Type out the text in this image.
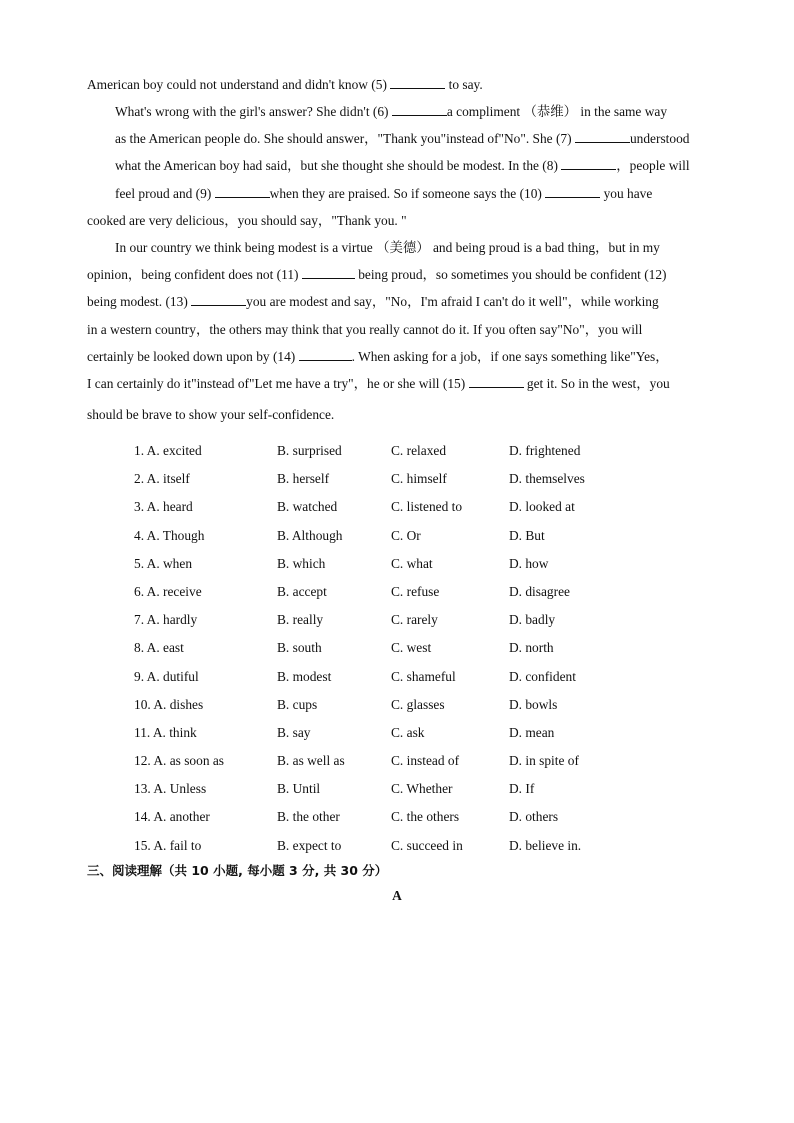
American boy could not understand and didn't know (5)	to say.

What's wrong with the girl's answer? She didn't (6)	a compliment （恭维） in the same way
as the American people do. She should answer，"Thank you"instead of"No". She (7)	understood
what the American boy had said，but she thought she should be modest. In the (8)	，people will
feel proud and (9)	when they are praised. So if someone says the (10)	you have
cooked are very delicious，you should say，"Thank you. "

In our country we think being modest is a virtue （美德） and being proud is a bad thing，but in my
opinion，being confident does not (11)	being proud，so sometimes you should be confident (12)
being modest. (13)	you are modest and say，"No，I'm afraid I can't do it well"，while working
in a western country，the others may think that you really cannot do it. If you often say"No"，you will
certainly be looked down upon by (14)	. When asking for a job，if one says something like"Yes，
I can certainly do it"instead of"Let me have a try"，he or she will (15)	get it. So in the west，you
should be brave to show your self-confidence.

1. A. excited	B. surprised	C. relaxed	D. frightened
2. A. itself	B. herself	C. himself	D. themselves
3. A. heard	B. watched	C. listened to	D. looked at
4. A. Though	B. Although	C. Or	D. But
5. A. when	B. which	C. what	D. how
6. A. receive	B. accept	C. refuse	D. disagree
7. A. hardly	B. really	C. rarely	D. badly
8. A. east	B. south	C. west	D. north
9. A. dutiful	B. modest	C. shameful	D. confident
10. A. dishes	B. cups	C. glasses	D. bowls
11. A. think	B. say	C. ask	D. mean
12. A. as soon as	B. as well as	C. instead of	D. in spite of
13. A. Unless	B. Until	C. Whether	D. If
14. A. another	B. the other	C. the others	D. others
15. A. fail to	B. expect to	C. succeed in	D. believe in.
三、阅读理解（共 10 小题, 每小题 3 分, 共 30 分）
A
